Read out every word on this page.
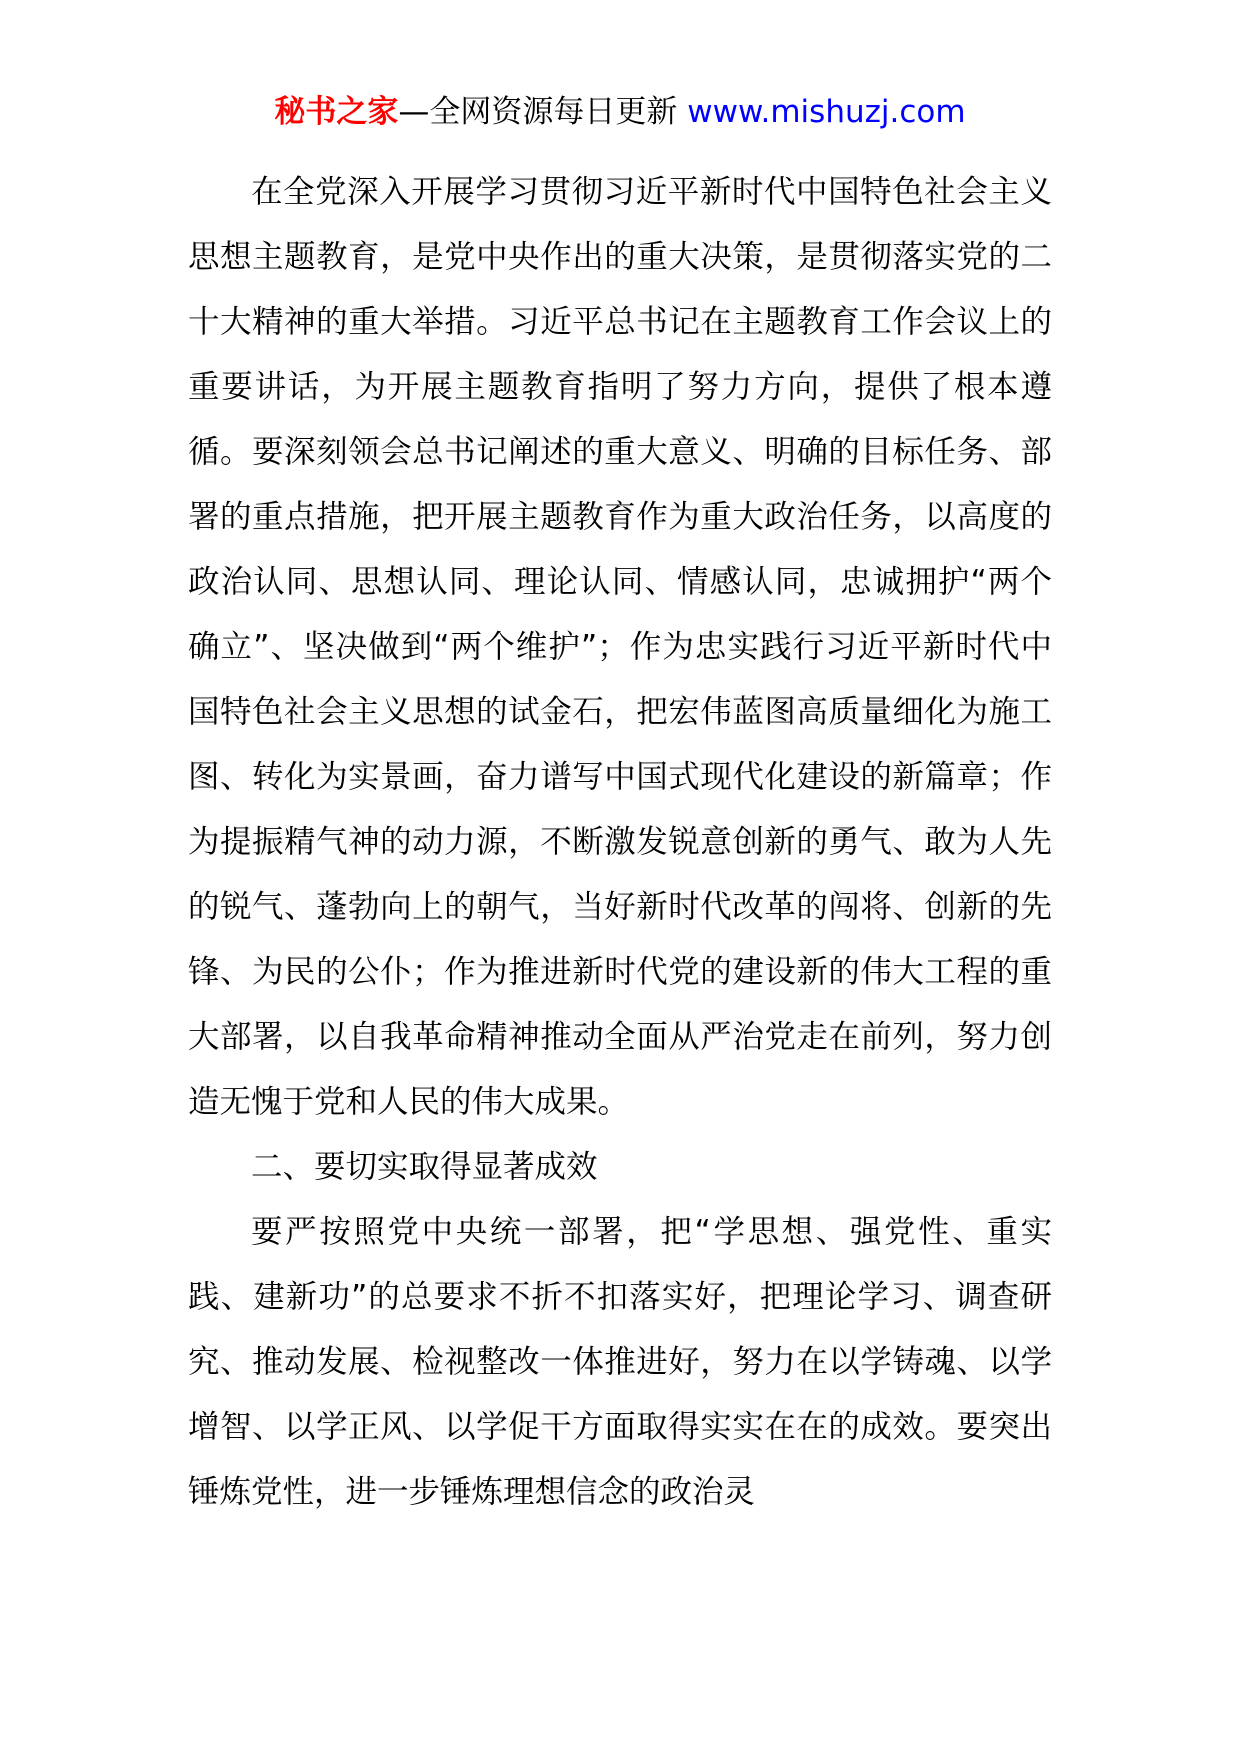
秘书之家—全网资源每日更新 www.mishuzj.com

在全党深入开展学习贯彻习近平新时代中国特色社会主义思想主题教育，是党中央作出的重大决策，是贯彻落实党的二十大精神的重大举措。习近平总书记在主题教育工作会议上的重要讲话，为开展主题教育指明了努力方向，提供了根本遵循。要深刻领会总书记阐述的重大意义、明确的目标任务、部署的重点措施，把开展主题教育作为重大政治任务，以高度的政治认同、思想认同、理论认同、情感认同，忠诚拥护“两个确立”、坚决做到“两个维护”；作为忠实践行习近平新时代中国特色社会主义思想的试金石，把宏伟蓝图高质量细化为施工图、转化为实景画，奋力谱写中国式现代化建设的新篇章；作为提振精气神的动力源，不断激发锐意创新的勇气、敢为人先的锐气、蓬勃向上的朝气，当好新时代改革的闯将、创新的先锋、为民的公仆；作为推进新时代党的建设新的伟大工程的重大部署，以自我革命精神推动全面从严治党走在前列，努力创造无愧于党和人民的伟大成果。

二、要切实取得显著成效

要严按照党中央统一部署，把“学思想、强党性、重实践、建新功”的总要求不折不扣落实好，把理论学习、调查研究、推动发展、检视整改一体推进好，努力在以学铸魂、以学增智、以学正风、以学促干方面取得实实在在的成效。要突出锤炼党性，进一步锤炼理想信念的政治灵
